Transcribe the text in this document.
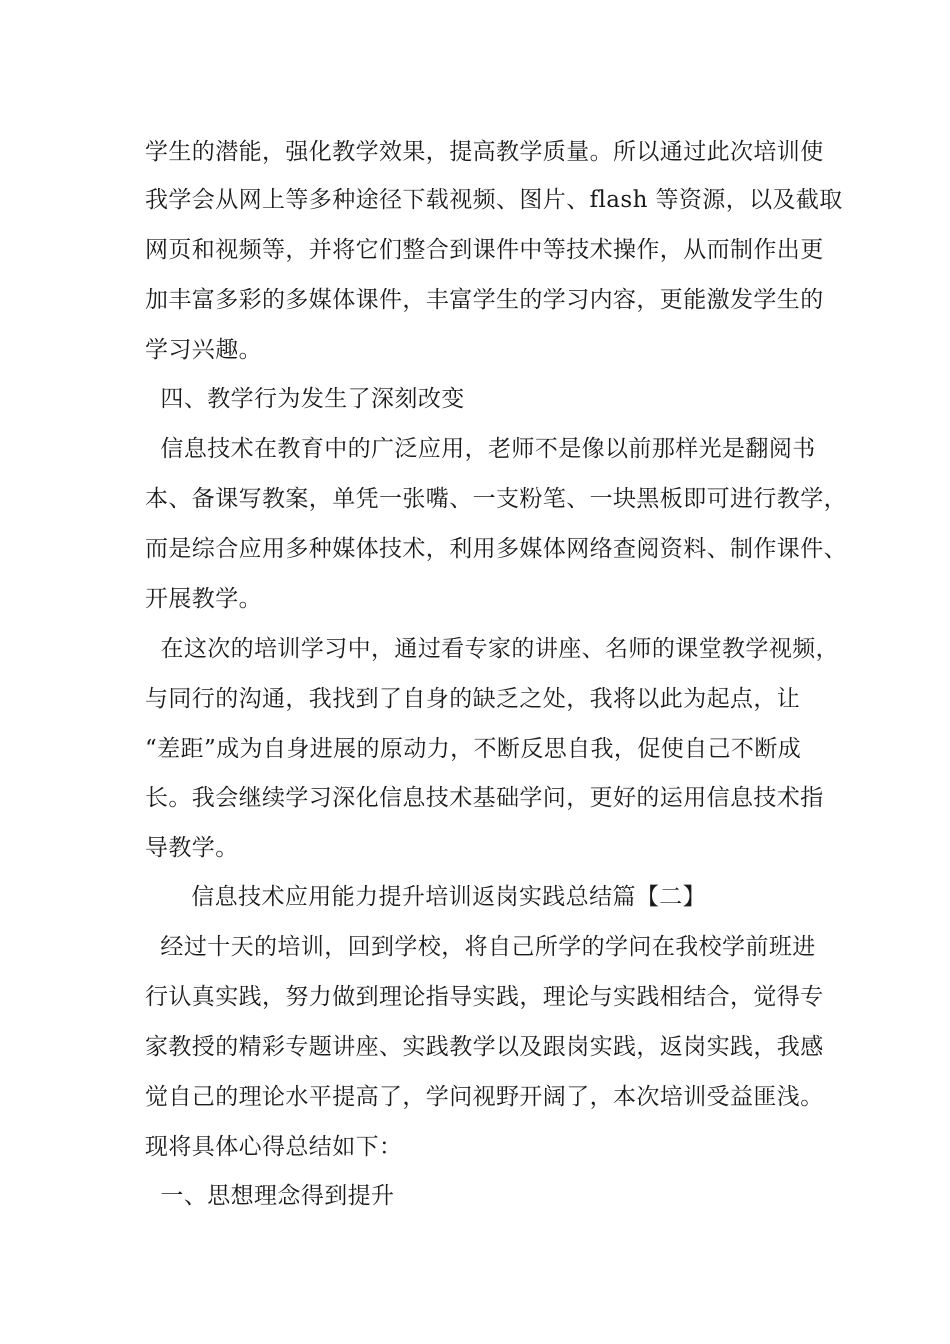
学生的潜能，强化教学效果，提高教学质量。所以通过此次培训使
我学会从网上等多种途径下载视频、图片、flash 等资源，以及截取
网页和视频等，并将它们整合到课件中等技术操作，从而制作出更
加丰富多彩的多媒体课件，丰富学生的学习内容，更能激发学生的
学习兴趣。
四、教学行为发生了深刻改变
信息技术在教育中的广泛应用，老师不是像以前那样光是翻阅书
本、备课写教案，单凭一张嘴、一支粉笔、一块黑板即可进行教学，
而是综合应用多种媒体技术，利用多媒体网络查阅资料、制作课件、
开展教学。
在这次的培训学习中，通过看专家的讲座、名师的课堂教学视频，
与同行的沟通，我找到了自身的缺乏之处，我将以此为起点，让
“差距”成为自身进展的原动力，不断反思自我，促使自己不断成
长。我会继续学习深化信息技术基础学问，更好的运用信息技术指
导教学。
信息技术应用能力提升培训返岗实践总结篇【二】
经过十天的培训，回到学校，将自己所学的学问在我校学前班进
行认真实践，努力做到理论指导实践，理论与实践相结合，觉得专
家教授的精彩专题讲座、实践教学以及跟岗实践，返岗实践，我感
觉自己的理论水平提高了，学问视野开阔了，本次培训受益匪浅。
现将具体心得总结如下：
一、思想理念得到提升
